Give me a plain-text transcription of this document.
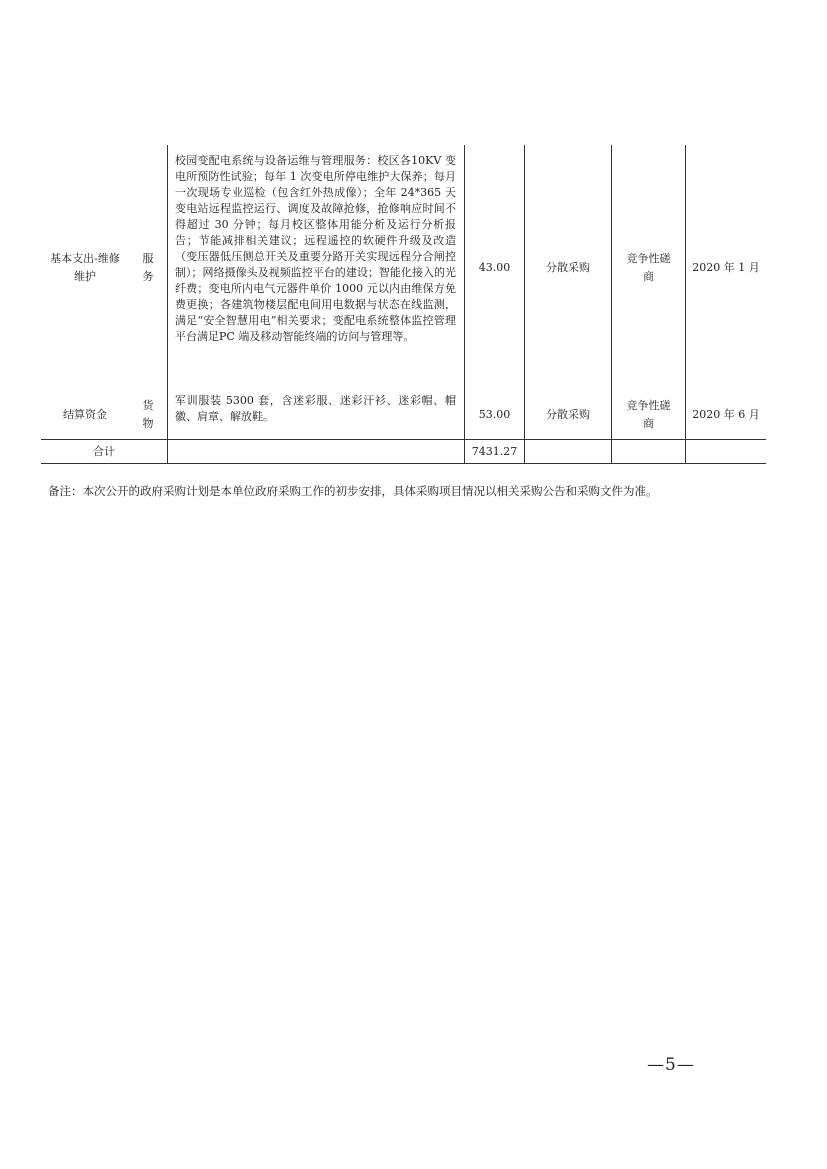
基本支出-维修维护	服务	校园变配电系统与设备运维与管理服务：校区各10KV 变电所预防性试验；每年 1 次变电所停电维护大保养；每月一次现场专业巡检（包含红外热成像）；全年 24*365 天变电站远程监控运行、调度及故障抢修，抢修响应时间不得超过 30 分钟；每月校区整体用能分析及运行分析报告；节能减排相关建议；远程遥控的软硬件升级及改造（变压器低压侧总开关及重要分路开关实现远程分合闸控制）；网络摄像头及视频监控平台的建设；智能化接入的光纤费；变电所内电气元器件单价 1000 元以内由维保方免费更换；各建筑物楼层配电间用电数据与状态在线监测，满足“安全智慧用电”相关要求；变配电系统整体监控管理平台满足PC 端及移动智能终端的访问与管理等。	43.00	分散采购	竞争性磋商	2020 年 1 月
结算资金	货物	军训服装 5300 套，含迷彩服、迷彩汗衫、迷彩帽、帽徽、肩章、解放鞋。	53.00	分散采购	竞争性磋商	2020 年 6 月
合计			7431.27			
备注：本次公开的政府采购计划是本单位政府采购工作的初步安排，具体采购项目情况以相关采购公告和采购文件为准。
—5—
